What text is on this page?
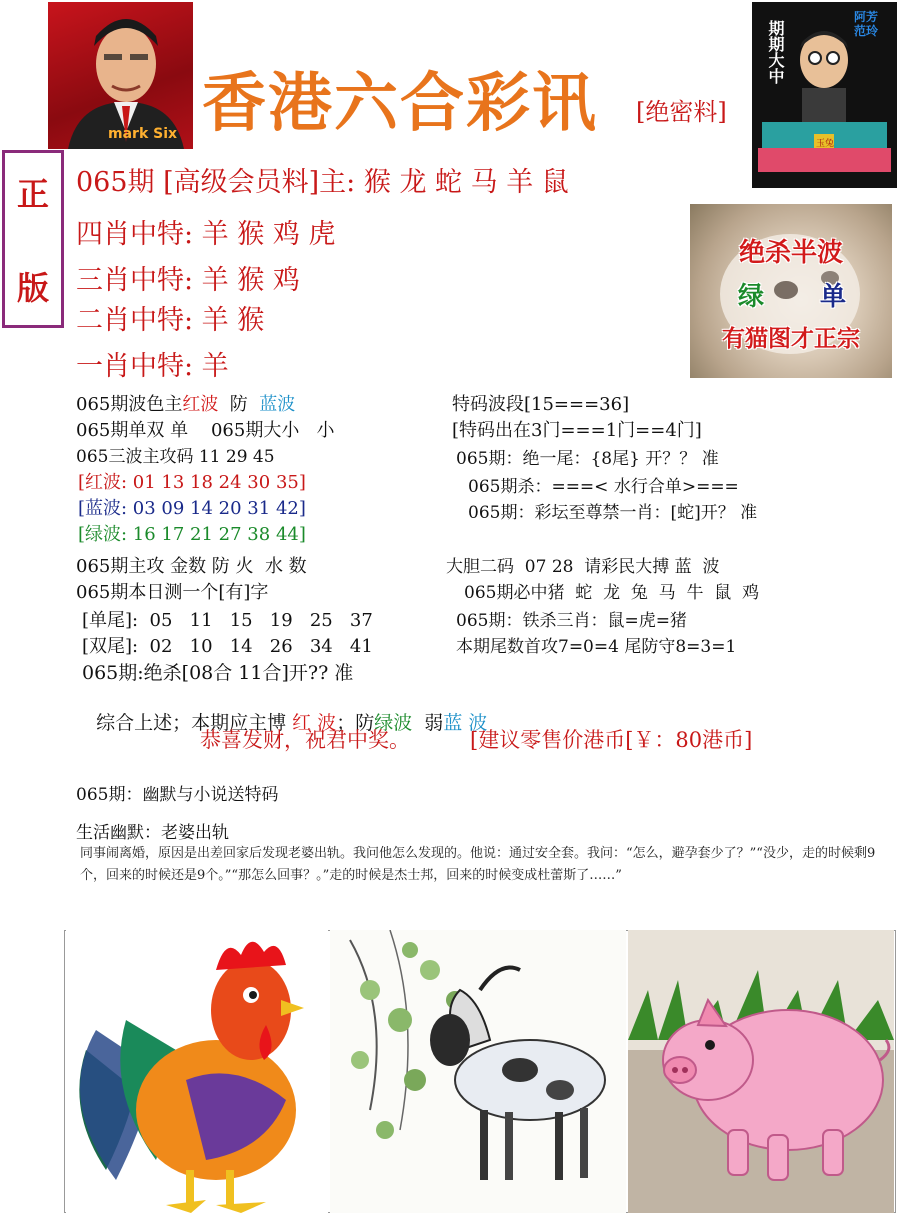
mark Six 香港六合彩讯 [绝密料]
期期大中
阿芳 范玲
玉兔
正
版
065期 [高级会员料]主: 猴 龙 蛇 马 羊 鼠
四肖中特: 羊 猴 鸡 虎
三肖中特: 羊 猴 鸡
二肖中特: 羊 猴
一肖中特: 羊
绝杀半波
绿	单
有猫图才正宗
065期波色主红波  防  蓝波
065期单双 单    065期大小   小
065三波主攻码 11 29 45
[红波: 01 13 18 24 30 35]
[蓝波: 03 09 14 20 31 42]
[绿波: 16 17 21 27 38 44]
065期主攻 金数 防 火  水 数
065期本日测一个[有]字
[单尾]:  05   11   15   19   25   37
[双尾]:  02   10   14   26   34   41
065期:绝杀[08合 11合]开?? 准

综合上述；本期应主博 红 波；防绿波  弱蓝 波

特码波段[15===36]
[特码出在3门===1门==4门]
065期：绝一尾：{8尾} 开？？ 准
065期杀：===< 水行合单>===
065期：彩坛至尊禁一肖：[蛇]开？ 准
大胆二码  07 28  请彩民大搏 蓝  波
065期必中猪  蛇  龙  兔  马  牛  鼠  鸡
065期：铁杀三肖：鼠=虎=猪
本期尾数首攻7=0=4 尾防守8=3=1
恭喜发财，祝君中奖。	[建议零售价港币[￥：80港币]
065期：幽默与小说送特码
生活幽默：老婆出轨
同事闹离婚，原因是出差回家后发现老婆出轨。我问他怎么发现的。他说：通过安全套。我问：“怎么，避孕套少了？”“没少，走的时候剩9个，回来的时候还是9个。”“那怎么回事？。”走的时候是杰士邦，回来的时候变成杜蕾斯了……”
